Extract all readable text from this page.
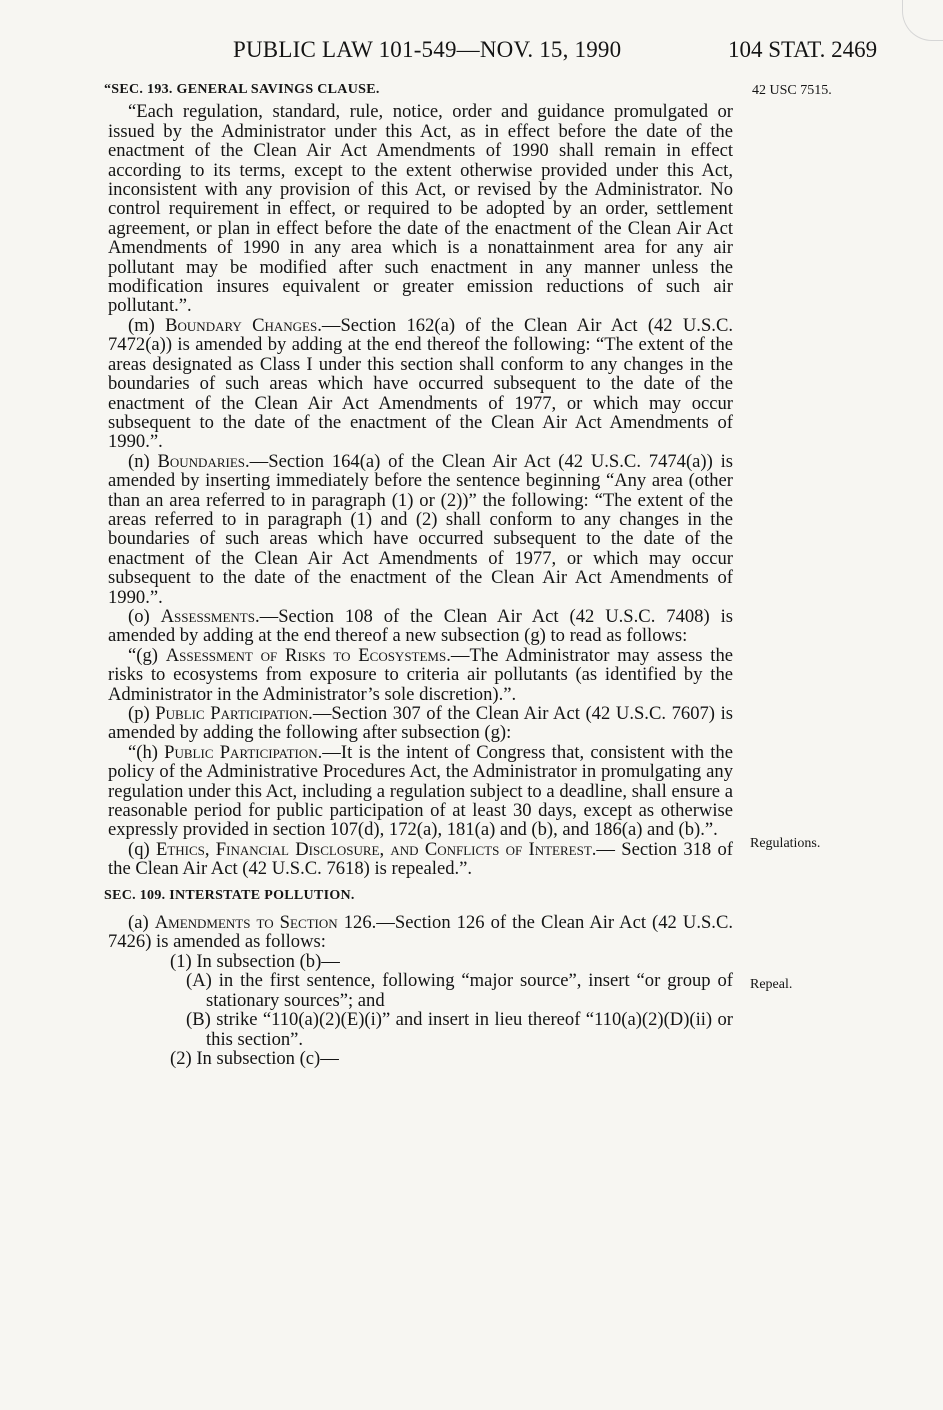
PUBLIC LAW 101-549—NOV. 15, 1990	104 STAT. 2469
42 USC 7515.
Regulations.
Repeal.
“SEC. 193. GENERAL SAVINGS CLAUSE.

“Each regulation, standard, rule, notice, order and guidance promulgated or issued by the Administrator under this Act, as in effect before the date of the enactment of the Clean Air Act Amendments of 1990 shall remain in effect according to its terms, except to the extent otherwise provided under this Act, inconsistent with any provision of this Act, or revised by the Administrator. No control requirement in effect, or required to be adopted by an order, settlement agreement, or plan in effect before the date of the enactment of the Clean Air Act Amendments of 1990 in any area which is a nonattainment area for any air pollutant may be modified after such enactment in any manner unless the modification insures equivalent or greater emission reductions of such air pollutant.”.

(m) Boundary Changes.—Section 162(a) of the Clean Air Act (42 U.S.C. 7472(a)) is amended by adding at the end thereof the following: “The extent of the areas designated as Class I under this section shall conform to any changes in the boundaries of such areas which have occurred subsequent to the date of the enactment of the Clean Air Act Amendments of 1977, or which may occur subsequent to the date of the enactment of the Clean Air Act Amendments of 1990.”.

(n) Boundaries.—Section 164(a) of the Clean Air Act (42 U.S.C. 7474(a)) is amended by inserting immediately before the sentence beginning “Any area (other than an area referred to in paragraph (1) or (2))” the following: “The extent of the areas referred to in paragraph (1) and (2) shall conform to any changes in the boundaries of such areas which have occurred subsequent to the date of the enactment of the Clean Air Act Amendments of 1977, or which may occur subsequent to the date of the enactment of the Clean Air Act Amendments of 1990.”.

(o) Assessments.—Section 108 of the Clean Air Act (42 U.S.C. 7408) is amended by adding at the end thereof a new subsection (g) to read as follows:

“(g) Assessment of Risks to Ecosystems.—The Administrator may assess the risks to ecosystems from exposure to criteria air pollutants (as identified by the Administrator in the Administrator’s sole discretion).”.

(p) Public Participation.—Section 307 of the Clean Air Act (42 U.S.C. 7607) is amended by adding the following after subsection (g):

“(h) Public Participation.—It is the intent of Congress that, consistent with the policy of the Administrative Procedures Act, the Administrator in promulgating any regulation under this Act, including a regulation subject to a deadline, shall ensure a reasonable period for public participation of at least 30 days, except as otherwise expressly provided in section 107(d), 172(a), 181(a) and (b), and 186(a) and (b).”.

(q) Ethics, Financial Disclosure, and Conflicts of Interest.— Section 318 of the Clean Air Act (42 U.S.C. 7618) is repealed.”.

SEC. 109. INTERSTATE POLLUTION.

(a) Amendments to Section 126.—Section 126 of the Clean Air Act (42 U.S.C. 7426) is amended as follows:

(1) In subsection (b)—

(A) in the first sentence, following “major source”, insert “or group of stationary sources”; and

(B) strike “110(a)(2)(E)(i)” and insert in lieu thereof “110(a)(2)(D)(ii) or this section”.

(2) In subsection (c)—
